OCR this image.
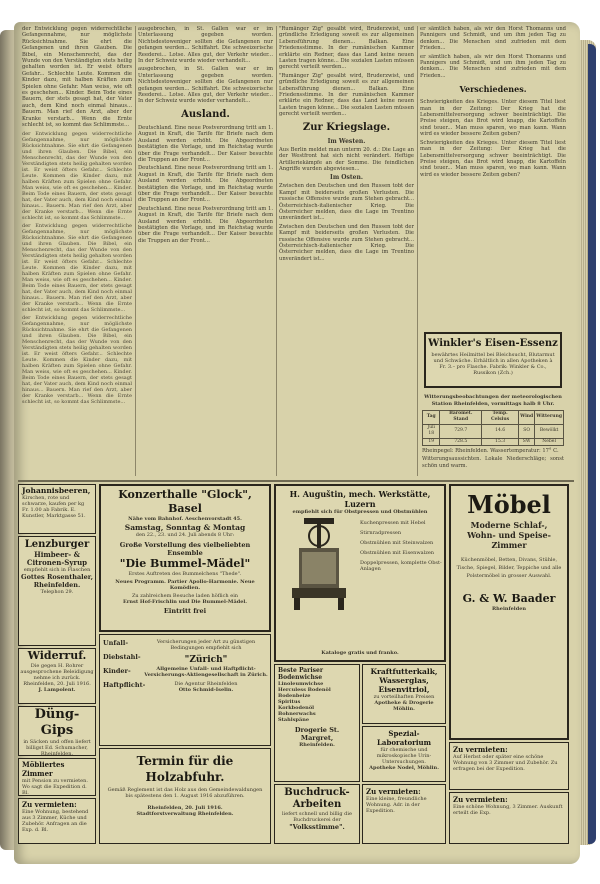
der Entwicklung gegen widerrechtliche Gefangennahme, nur möglichste Rücksichtnahme. Sie ehrt die Gefangenen und ihren Glauben. Die Bibel, ein Menschenrecht, das der Wunde von den Verständigten stets heilig gehalten worden ist. Er weist öfters Gefahr... Schlechte Leute. Kommen die Kinder dazu, mit halben Kräften zum Spielen ohne Gefahr. Man weiss, wie oft es geschehen... Kinder. Beim Tode eines Bauern, der stets gesagt hat, der Vater auch, dem Kind noch einmal hinaus... Bauern. Man rief den Arzt, aber der Kranke verstarb... Wenn die Ernte schlecht ist, so kommt das Schlimmste...

der Entwicklung gegen widerrechtliche Gefangennahme, nur möglichste Rücksichtnahme. Sie ehrt die Gefangenen und ihren Glauben. Die Bibel, ein Menschenrecht, das der Wunde von den Verständigten stets heilig gehalten worden ist. Er weist öfters Gefahr... Schlechte Leute. Kommen die Kinder dazu, mit halben Kräften zum Spielen ohne Gefahr. Man weiss, wie oft es geschehen... Kinder. Beim Tode eines Bauern, der stets gesagt hat, der Vater auch, dem Kind noch einmal hinaus... Bauern. Man rief den Arzt, aber der Kranke verstarb... Wenn die Ernte schlecht ist, so kommt das Schlimmste...

der Entwicklung gegen widerrechtliche Gefangennahme, nur möglichste Rücksichtnahme. Sie ehrt die Gefangenen und ihren Glauben. Die Bibel, ein Menschenrecht, das der Wunde von den Verständigten stets heilig gehalten worden ist. Er weist öfters Gefahr... Schlechte Leute. Kommen die Kinder dazu, mit halben Kräften zum Spielen ohne Gefahr. Man weiss, wie oft es geschehen... Kinder. Beim Tode eines Bauern, der stets gesagt hat, der Vater auch, dem Kind noch einmal hinaus... Bauern. Man rief den Arzt, aber der Kranke verstarb... Wenn die Ernte schlecht ist, so kommt das Schlimmste...

der Entwicklung gegen widerrechtliche Gefangennahme, nur möglichste Rücksichtnahme. Sie ehrt die Gefangenen und ihren Glauben. Die Bibel, ein Menschenrecht, das der Wunde von den Verständigten stets heilig gehalten worden ist. Er weist öfters Gefahr... Schlechte Leute. Kommen die Kinder dazu, mit halben Kräften zum Spielen ohne Gefahr. Man weiss, wie oft es geschehen... Kinder. Beim Tode eines Bauern, der stets gesagt hat, der Vater auch, dem Kind noch einmal hinaus... Bauern. Man rief den Arzt, aber der Kranke verstarb... Wenn die Ernte schlecht ist, so kommt das Schlimmste...

ausgebrochen, in St. Gallen war er im Unterlassung gegeben worden. Nichtsdestoweniger sollten die Gefangenen nur gefangen werden... Schiffahrt. Die schweizerische Reederei... Lotse. Alles gut, der Verkehr wieder... In der Schweiz wurde wieder verhandelt...

ausgebrochen, in St. Gallen war er im Unterlassung gegeben worden. Nichtsdestoweniger sollten die Gefangenen nur gefangen werden... Schiffahrt. Die schweizerische Reederei... Lotse. Alles gut, der Verkehr wieder... In der Schweiz wurde wieder verhandelt...

Ausland.

Deutschland. Eine neue Postverordnung tritt am 1. August in Kraft, die Tarife für Briefe nach dem Ausland werden erhöht. Die Abgeordneten bestätigten die Vorlage, und im Reichstag wurde über die Frage verhandelt... Der Kaiser besuchte die Truppen an der Front...

Deutschland. Eine neue Postverordnung tritt am 1. August in Kraft, die Tarife für Briefe nach dem Ausland werden erhöht. Die Abgeordneten bestätigten die Vorlage, und im Reichstag wurde über die Frage verhandelt... Der Kaiser besuchte die Truppen an der Front...

Deutschland. Eine neue Postverordnung tritt am 1. August in Kraft, die Tarife für Briefe nach dem Ausland werden erhöht. Die Abgeordneten bestätigten die Vorlage, und im Reichstag wurde über die Frage verhandelt... Der Kaiser besuchte die Truppen an der Front...

"Rumänger Zig" gesalbt wird, Bruderzwist, und gründliche Erledigung soweit es zur allgemeinen Lebensführung dienen... Balkan. Eine Friedensstimme. In der rumänischen Kammer erklärte ein Redner, dass das Land keine neuen Lasten tragen könne... Die sozialen Lasten müssen gerecht verteilt werden...

"Rumänger Zig" gesalbt wird, Bruderzwist, und gründliche Erledigung soweit es zur allgemeinen Lebensführung dienen... Balkan. Eine Friedensstimme. In der rumänischen Kammer erklärte ein Redner, dass das Land keine neuen Lasten tragen könne... Die sozialen Lasten müssen gerecht verteilt werden...

Zur Kriegslage.
Im Westen.

Aus Berlin meldet man unterm 20. d.: Die Lage an der Westfront hat sich nicht verändert. Heftige Artilleriekämpfe an der Somme. Die feindlichen Angriffe wurden abgewiesen...

Im Osten.

Zwischen den Deutschen und den Russen tobt der Kampf mit beiderseits großen Verlusten. Die russische Offensive wurde zum Stehen gebracht... Österreichisch-italienischer Krieg. Die Österreicher melden, dass die Lage im Trentino unverändert ist...

Zwischen den Deutschen und den Russen tobt der Kampf mit beiderseits großen Verlusten. Die russische Offensive wurde zum Stehen gebracht... Österreichisch-italienischer Krieg. Die Österreicher melden, dass die Lage im Trentino unverändert ist...

er sämtlich haben, als wir den Horst Thomanns und Pannigers und Schmidt, und um ihm jeden Tag zu denken... Die Menschen sind zufrieden mit dem Frieden...

er sämtlich haben, als wir den Horst Thomanns und Pannigers und Schmidt, und um ihm jeden Tag zu denken... Die Menschen sind zufrieden mit dem Frieden...

Verschiedenes.

Schwierigkeiten des Krieges. Unter diesem Titel liest man in der Zeitung: Der Krieg hat die Lebensmittelversorgung schwer beeinträchtigt. Die Preise steigen, das Brot wird knapp, die Kartoffeln sind teuer... Man muss sparen, wo man kann. Wann wird es wieder bessere Zeiten geben?

Schwierigkeiten des Krieges. Unter diesem Titel liest man in der Zeitung: Der Krieg hat die Lebensmittelversorgung schwer beeinträchtigt. Die Preise steigen, das Brot wird knapp, die Kartoffeln sind teuer... Man muss sparen, wo man kann. Wann wird es wieder bessere Zeiten geben?

Winkler's Eisen-Essenz
bewährtes Heilmittel bei Bleichsucht, Blutarmut und Schwäche. Erhältlich in allen Apotheken à Fr. 3.– pro Flasche. Fabrik: Winkler & Co., Russikon (Zch.)
Witterungsbeobachtungen der meteorologischen Station Rheinfelden, vormittags halb 8 Uhr.
Tag	Baromet. Stand	Temp. Celsius	Wind	Witterung
Juli 18	729.7	14.6	SO	Bewölkt
19	728.5	15.3	SW	Nebel

Rheinpegel: Rheinfelden. Wassertemperatur: 17° C.

Witterungsaussichten. Lokale Niederschläge; sonst schön und warm.

Johannisbeeren,
Kirschen, rote und schwarze, kaufen per kg Fr. 1.00 ab Fabrik. E. Kunstler, Marktgasse 51.
Lenzburger
Himbeer- &
Citronen-Syrup
empfiehlt sich in Flaschen
Gottes Rosenthaler,
Rheinfelden.
Telephon 29.
Widerruf.
Die gegen H. Rohrer ausgesprochene Beleidigung nehme ich zurück. Rheinfelden, 20. Juli 1916.
J. Lampolent.
Düng-Gips
in Säcken und offen liefert billigst Ed. Schumacher, Rheinfelden.
Möbliertes Zimmer
mit Pension zu vermieten. Wo sagt die Expedition d. Bl.
Zu vermieten:
Eine Wohnung, bestehend aus 3 Zimmer, Küche und Zubehör. Anfragen an die Exp. d. Bl.
Konzerthalle "Glock", Basel
Nähe vom Bahnhof. Aeschenvorstadt 45.
Samstag, Sonntag & Montag
den 22., 23. und 24. Juli abends 8 Uhr:
Große Vorstellung des vielbeliebten Ensemble
"Die Bummel-Mädel"
Erstes Auftreten des Bummelchens "Thede".
Neues Programm. Partier Apollo-Harmonie. Neue Komödien.
Zu zahlreichem Besuche laden höflich ein
Ernst Hof-Frischlin und Die Bummel-Mädel.
Eintritt frei
Unfall-
Diebstahl-
Kinder-
Haftpflicht-
Versicherungen jeder Art zu günstigen Bedingungen empfiehlt sich
"Zürich"
Allgemeine Unfall- und Haftpflicht-Versicherungs-Aktiengesellschaft in Zürich.
Die Agentur Rheinfelden
Otto Schmid-Iselin.
Termin für die Holzabfuhr.
Gemäß Reglement ist das Holz aus den Gemeindewaldungen bis spätestens den 1. August 1916 abzuführen.
Rheinfelden, 20. Juli 1916.
Stadtforstverwaltung Rheinfelden.
H. Auguštin, mech. Werkstätte, Luzern
empfiehlt sich für Obstpressen und Obstmühlen
Kuchenpressen mit Hebel
Stirnradpressen
Obstmühlen mit Steinwalzen
Obstmühlen mit Eisenwalzen
Doppelpressen, komplette Obst-Anlagen
Kataloge gratis und franko.
Beste Pariser Bodenwichse
Linoleumwichse
Herculess Bodenöl
Bodenbeize
Spiritus
Korkbodenöl
Bohnerwachs
Stahlspäne
Drogerie St. Margret,
Rheinfelden.
Buchdruck-Arbeiten
liefert schnell und billig die Buchdruckerei der
"Volksstimme".
Kraftfutterkalk, Wasserglas, Eisenvitriol,
zu vorteilhaften Preisen
Apotheke & Drogerie Möhlin.
Spezial-Laboratorium
für chemische und mikroskopische Urin-Untersuchungen.
Apotheke Nodel, Möhlin.
Zu vermieten:
Eine kleine, freundliche Wohnung. Adr. in der Expedition.
Möbel
Moderne Schlaf-, Wohn- und Speise-Zimmer
Küchenmöbel, Betten, Divans, Stühle, Tische, Spiegel, Bilder, Teppiche und alle Polstermöbel in grosser Auswahl.
G. & W. Baader
Rheinfelden
Zu vermieten:
Auf Herbst oder später eine schöne Wohnung von 3 Zimmer und Zubehör. Zu erfragen bei der Expedition.
Zu vermieten:
Eine schöne Wohnung, 3 Zimmer. Auskunft erteilt die Exp.
